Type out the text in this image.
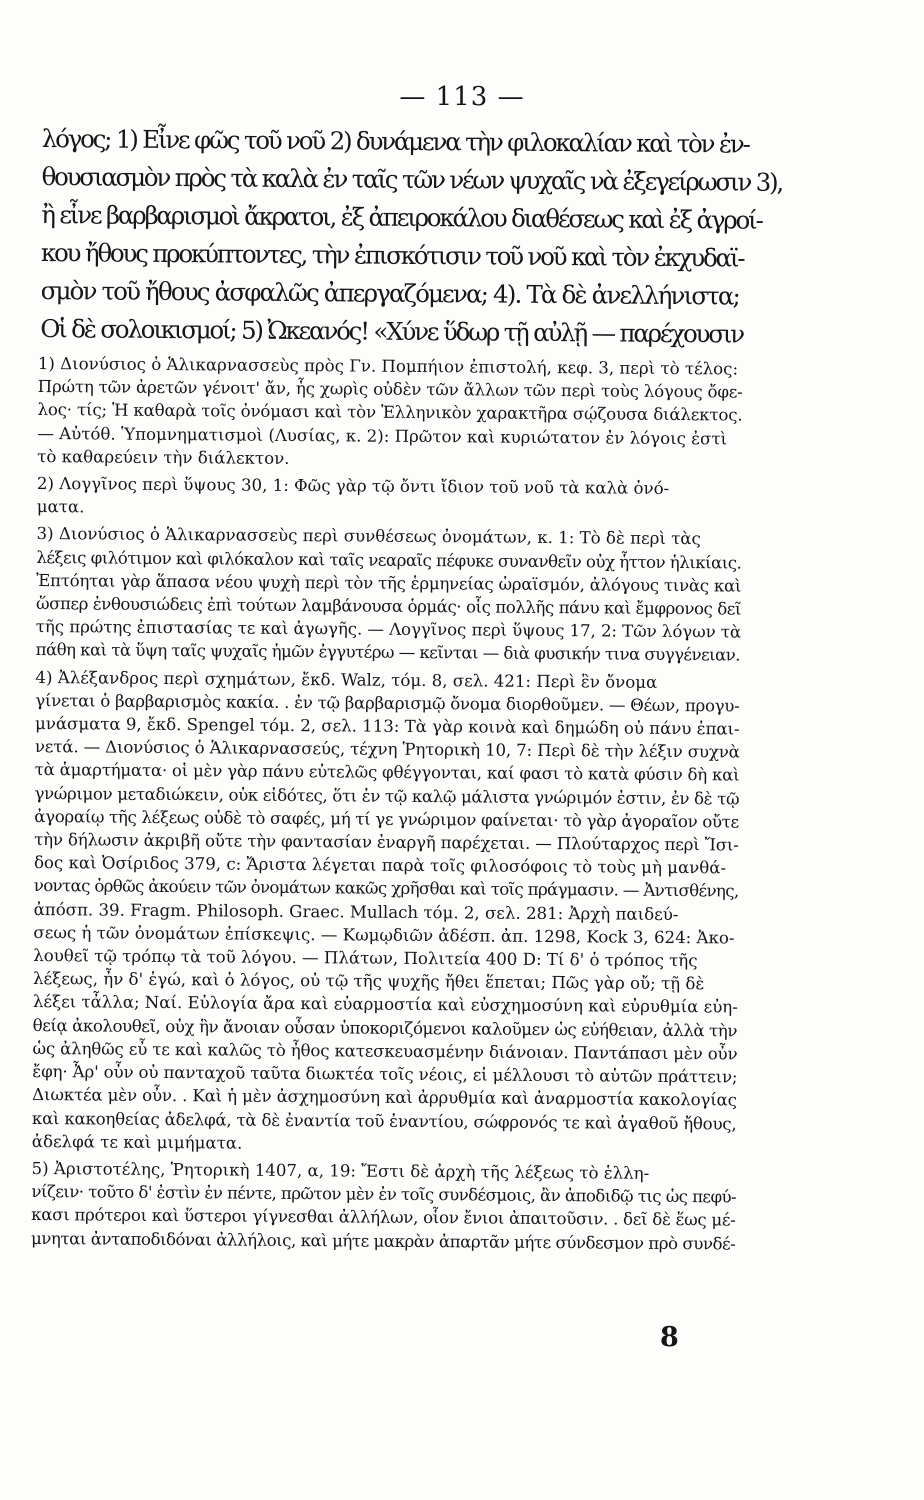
— 113 —
λόγος; 1) Εἶνε φῶς τοῦ νοῦ 2) δυνάμενα τὴν φιλοκαλίαν καὶ τὸν ἐν-
θουσιασμὸν πρὸς τὰ καλὰ ἐν ταῖς τῶν νέων ψυχαῖς νὰ ἐξεγείρωσιν 3),
ἢ εἶνε βαρβαρισμοὶ ἄκρατοι, ἐξ ἀπειροκάλου διαθέσεως καὶ ἐξ ἀγροί-
κου ἤθους προκύπτοντες, τὴν ἐπισκότισιν τοῦ νοῦ καὶ τὸν ἐκχυδαϊ-
σμὸν τοῦ ἤθους ἀσφαλῶς ἀπεργαζόμενα; 4). Τὰ δὲ ἀνελλήνιστα;
Οἱ δὲ σολοικισμοί; 5) Ὠκεανός! «Χύνε ὕδωρ τῇ αὐλῇ — παρέχουσιν
1) Διονύσιος ὁ Ἁλικαρνασσεὺς πρὸς Γν. Πομπήιον ἐπιστολή, κεφ. 3, περὶ τὸ τέλος:
Πρώτη τῶν ἀρετῶν γένοιτ' ἄν, ἧς χωρὶς οὐδὲν τῶν ἄλλων τῶν περὶ τοὺς λόγους ὄφε-
λος· τίς; Ἡ καθαρὰ τοῖς ὀνόμασι καὶ τὸν Ἑλληνικὸν χαρακτῆρα σῴζουσα διάλεκτος.
— Αὐτόθ. Ὑπομνηματισμοὶ (Λυσίας, κ. 2): Πρῶτον καὶ κυριώτατον ἐν λόγοις ἐστὶ
τὸ καθαρεύειν τὴν διάλεκτον.
2) Λογγῖνος περὶ ὕψους 30, 1: Φῶς γὰρ τῷ ὄντι ἴδιον τοῦ νοῦ τὰ καλὰ ὀνό-
ματα.
3) Διονύσιος ὁ Ἁλικαρνασσεὺς περὶ συνθέσεως ὀνομάτων, κ. 1: Τὸ δὲ περὶ τὰς
λέξεις φιλότιμον καὶ φιλόκαλον καὶ ταῖς νεαραῖς πέφυκε συνανθεῖν οὐχ ἧττον ἡλικίαις.
Ἐπτόηται γὰρ ἅπασα νέου ψυχὴ περὶ τὸν τῆς ἑρμηνείας ὡραϊσμόν, ἀλόγους τινὰς καὶ
ὥσπερ ἐνθουσιώδεις ἐπὶ τούτων λαμβάνουσα ὁρμάς· οἷς πολλῆς πάνυ καὶ ἔμφρονος δεῖ
τῆς πρώτης ἐπιστασίας τε καὶ ἀγωγῆς. — Λογγῖνος περὶ ὕψους 17, 2: Τῶν λόγων τὰ
πάθη καὶ τὰ ὕψη ταῖς ψυχαῖς ἡμῶν ἐγγυτέρω — κεῖνται — διὰ φυσικήν τινα συγγένειαν.
4) Ἀλέξανδρος περὶ σχημάτων, ἔκδ. Walz, τόμ. 8, σελ. 421: Περὶ ἓν ὄνομα
γίνεται ὁ βαρβαρισμὸς κακία. . ἐν τῷ βαρβαρισμῷ ὄνομα διορθοῦμεν. — Θέων, προγυ-
μνάσματα 9, ἔκδ. Spengel τόμ. 2, σελ. 113: Τὰ γὰρ κοινὰ καὶ δημώδη οὐ πάνυ ἐπαι-
νετά. — Διονύσιος ὁ Ἁλικαρνασσεύς, τέχνη Ῥητορικὴ 10, 7: Περὶ δὲ τὴν λέξιν συχνὰ
τὰ ἁμαρτήματα· οἱ μὲν γὰρ πάνυ εὐτελῶς φθέγγονται, καί φασι τὸ κατὰ φύσιν δὴ καὶ
γνώριμον μεταδιώκειν, οὐκ εἰδότες, ὅτι ἐν τῷ καλῷ μάλιστα γνώριμόν ἐστιν, ἐν δὲ τῷ
ἀγοραίῳ τῆς λέξεως οὐδὲ τὸ σαφές, μή τί γε γνώριμον φαίνεται· τὸ γὰρ ἀγοραῖον οὔτε
τὴν δήλωσιν ἀκριβῆ οὔτε τὴν φαντασίαν ἐναργῆ παρέχεται. — Πλούταρχος περὶ Ἴσι-
δος καὶ Ὀσίριδος 379, c: Ἄριστα λέγεται παρὰ τοῖς φιλοσόφοις τὸ τοὺς μὴ μανθά-
νοντας ὀρθῶς ἀκούειν τῶν ὀνομάτων κακῶς χρῆσθαι καὶ τοῖς πράγμασιν. — Ἀντισθένης,
ἀπόσπ. 39. Fragm. Philosoph. Graec. Mullach τόμ. 2, σελ. 281: Ἀρχὴ παιδεύ-
σεως ἡ τῶν ὀνομάτων ἐπίσκεψις. — Κωμῳδιῶν ἀδέσπ. ἀπ. 1298, Kock 3, 624: Ἀκο-
λουθεῖ τῷ τρόπῳ τὰ τοῦ λόγου. — Πλάτων, Πολιτεία 400 D: Τί δ' ὁ τρόπος τῆς
λέξεως, ἦν δ' ἐγώ, καὶ ὁ λόγος, οὐ τῷ τῆς ψυχῆς ἤθει ἕπεται; Πῶς γὰρ οὔ; τῇ δὲ
λέξει τἆλλα; Ναί. Εὐλογία ἄρα καὶ εὐαρμοστία καὶ εὐσχημοσύνη καὶ εὐρυθμία εὐη-
θείᾳ ἀκολουθεῖ, οὐχ ἣν ἄνοιαν οὖσαν ὑποκοριζόμενοι καλοῦμεν ὡς εὐήθειαν, ἀλλὰ τὴν
ὡς ἀληθῶς εὖ τε καὶ καλῶς τὸ ἦθος κατεσκευασμένην διάνοιαν. Παντάπασι μὲν οὖν
ἔφη· Ἆρ' οὖν οὐ πανταχοῦ ταῦτα διωκτέα τοῖς νέοις, εἰ μέλλουσι τὸ αὑτῶν πράττειν;
Διωκτέα μὲν οὖν. . Καὶ ἡ μὲν ἀσχημοσύνη καὶ ἀρρυθμία καὶ ἀναρμοστία κακολογίας
καὶ κακοηθείας ἀδελφά, τὰ δὲ ἐναντία τοῦ ἐναντίου, σώφρονός τε καὶ ἀγαθοῦ ἤθους,
ἀδελφά τε καὶ μιμήματα.
5) Ἀριστοτέλης, Ῥητορικὴ 1407, α, 19: Ἔστι δὲ ἀρχὴ τῆς λέξεως τὸ ἑλλη-
νίζειν· τοῦτο δ' ἐστὶν ἐν πέντε, πρῶτον μὲν ἐν τοῖς συνδέσμοις, ἂν ἀποδιδῷ τις ὡς πεφύ-
κασι πρότεροι καὶ ὕστεροι γίγνεσθαι ἀλλήλων, οἷον ἔνιοι ἀπαιτοῦσιν. . δεῖ δὲ ἕως μέ-
μνηται ἀνταποδιδόναι ἀλλήλοις, καὶ μήτε μακρὰν ἀπαρτᾶν μήτε σύνδεσμον πρὸ συνδέ-
8
